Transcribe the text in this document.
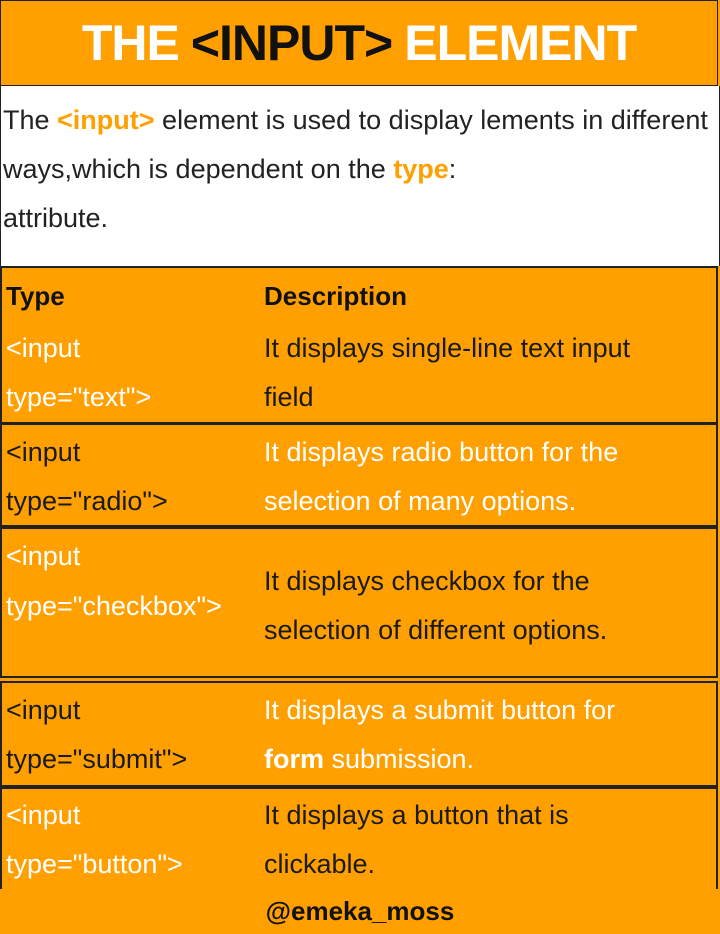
THE <INPUT> ELEMENT
The <input> element is used to display lements in different ways,which is dependent on the type:
attribute.
Type	Description
<input
type="text">
It displays single-line text input
field
<input
type="radio">
It displays radio button for the
selection of many options.
<input
type="checkbox">
It displays checkbox for the
selection of different options.
<input
type="submit">
It displays a submit button for
form submission.
<input
type="button">
It displays a button that is
clickable.
@emeka_moss
